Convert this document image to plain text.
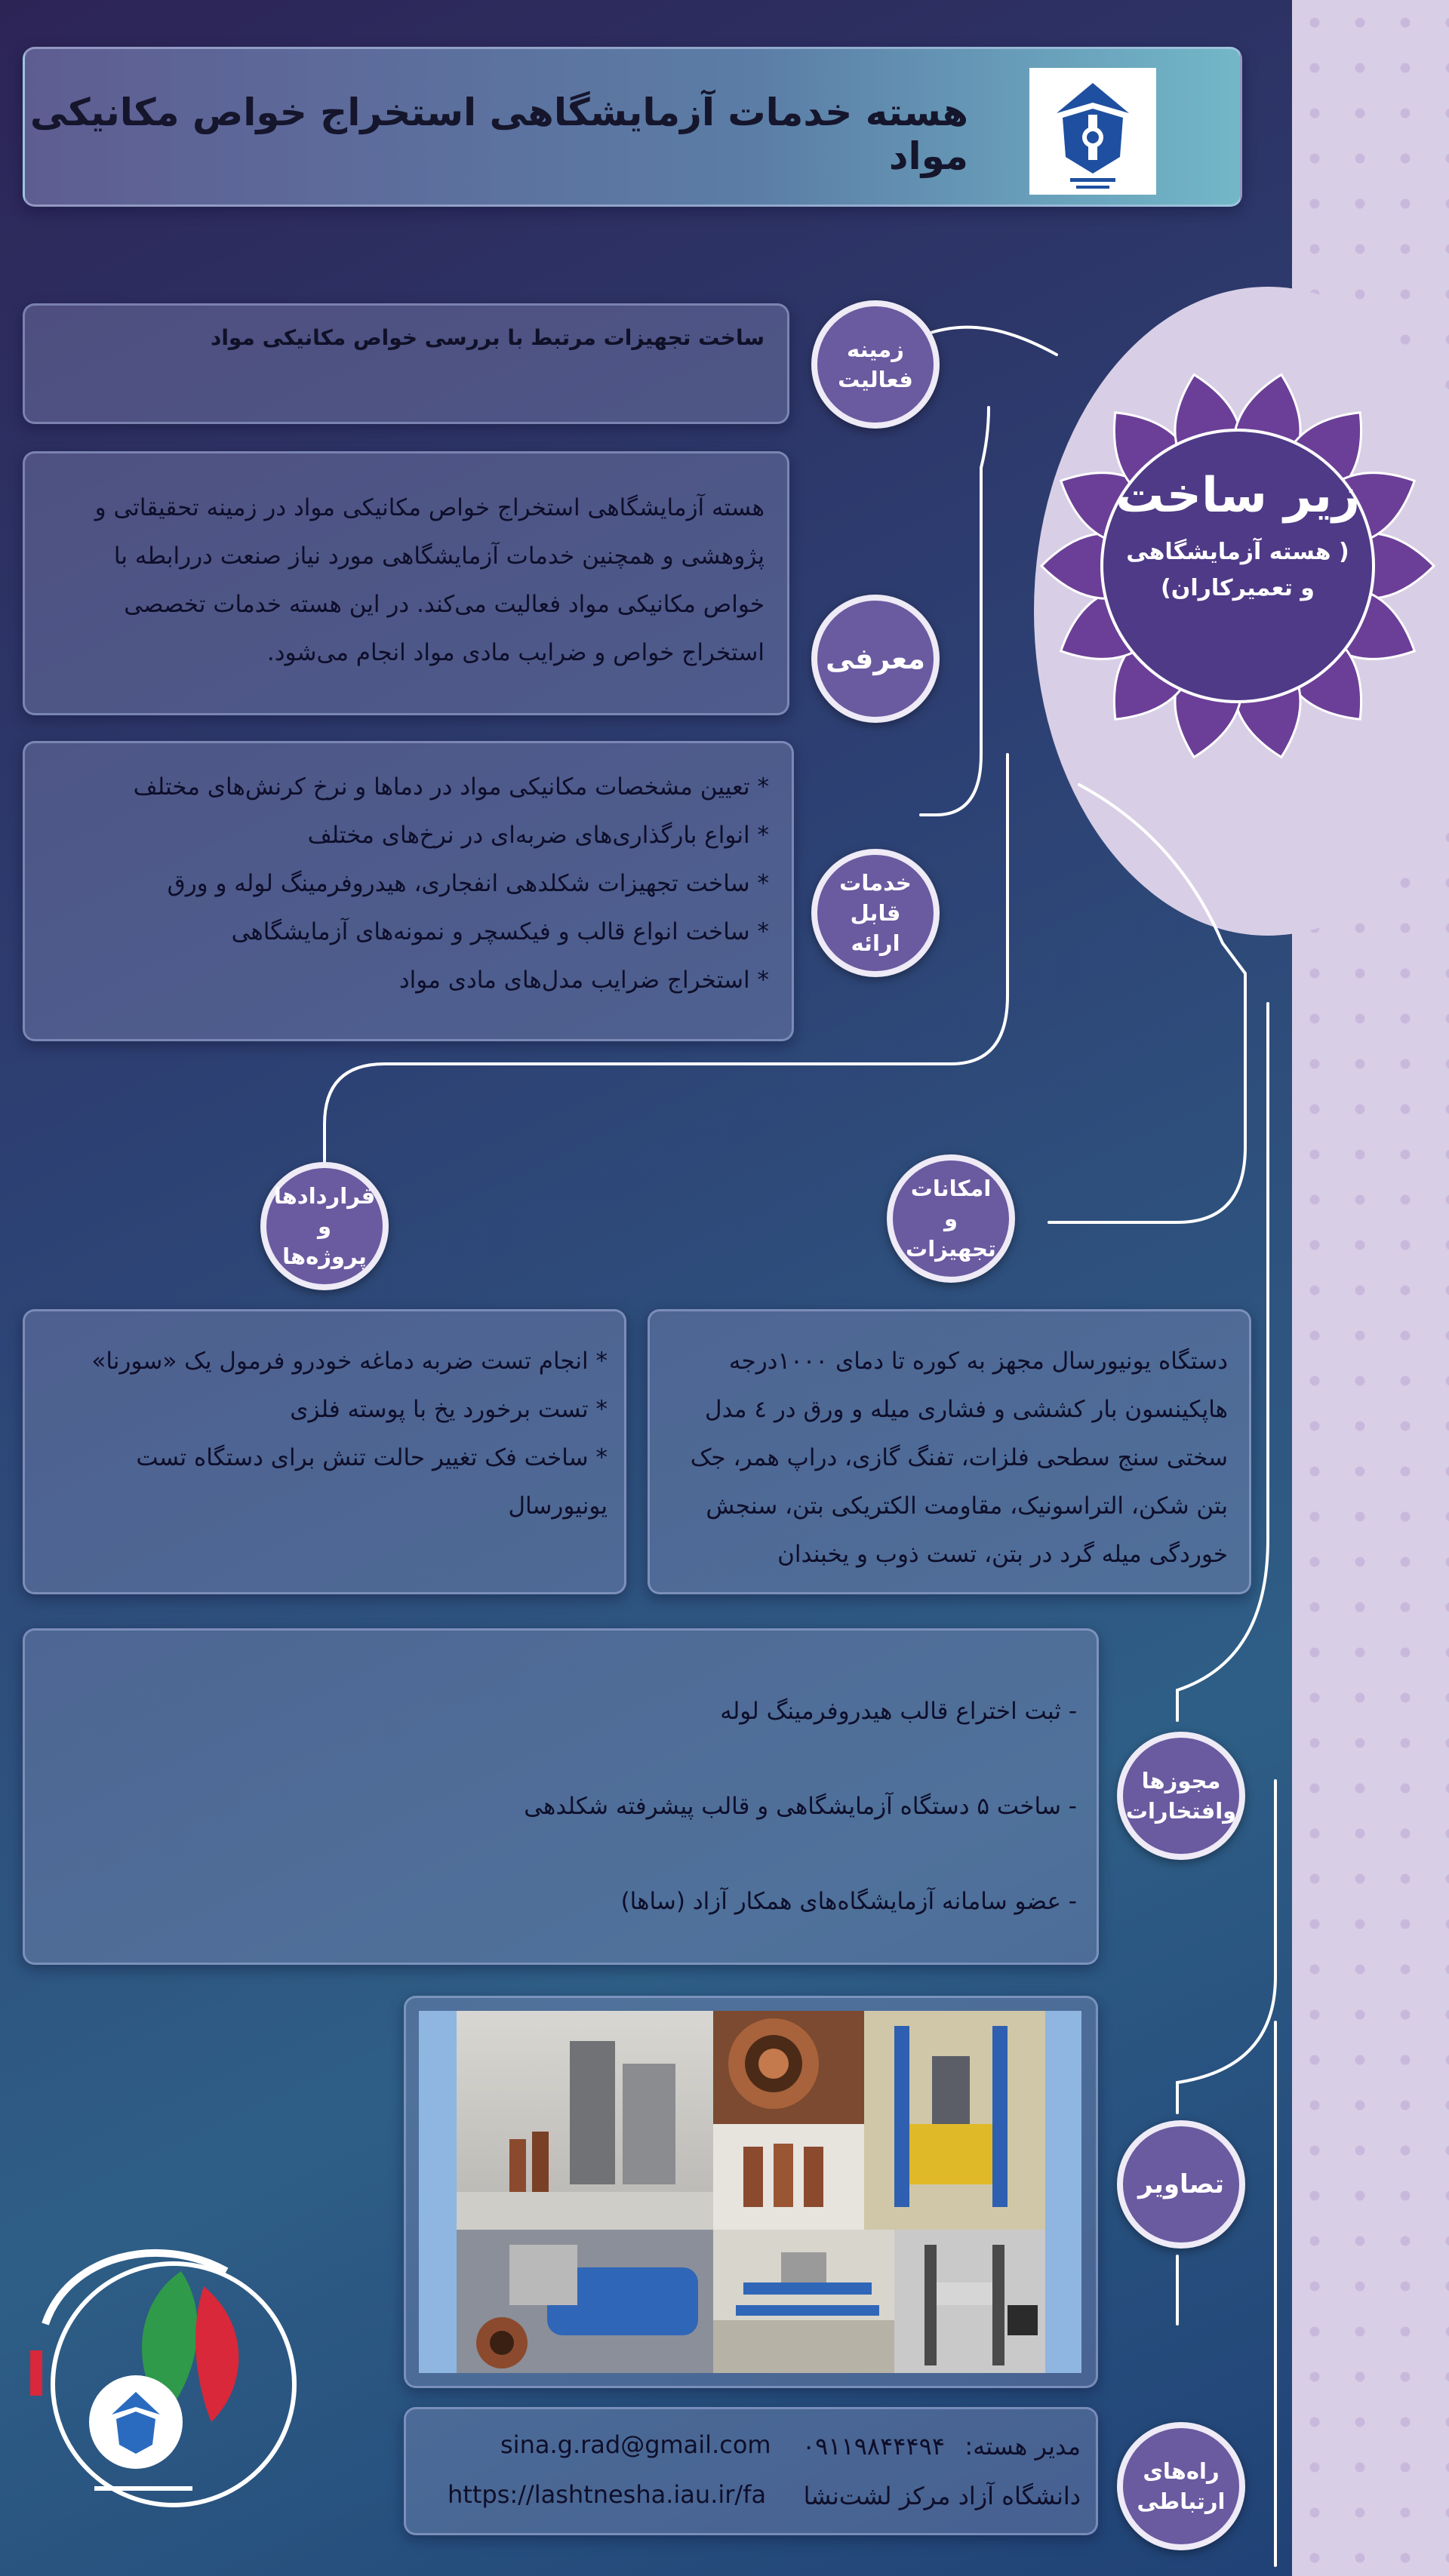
هسته خدمات آزمایشگاهی استخراج خواص مکانیکی مواد
زیر ساخت
( هسته آزمایشگاهی
و تعمیرکاران)
ساخت تجهیزات مرتبط با بررسی خواص مکانیکی مواد	زمینه
فعالیت

هسته آزمایشگاهی استخراج خواص مکانیکی مواد در زمینه تحقیقاتی و

پژوهشی و همچنین خدمات آزمایشگاهی مورد نیاز صنعت دررابطه با

خواص مکانیکی مواد فعالیت می‌کند. در این هسته خدمات تخصصی

استخراج خواص و ضرایب مادی مواد انجام می‌شود. معرفی

* تعیین مشخصات مکانیکی مواد در دماها و نرخ کرنش‌های مختلف

* انواع بارگذاری‌های ضربه‌ای در نرخ‌های مختلف

* ساخت تجهیزات شکلدهی انفجاری، هیدروفرمینگ لوله و ورق

* ساخت انواع قالب و فیکسچر و نمونه‌های آزمایشگاهی

* استخراج ضرایب مدل‌های مادی مواد

خدمات
قابل ارائه
قراردادها و
پروژه‌ها
امکانات و
تجهیزات

* انجام تست ضربه دماغه خودرو فرمول یک «سورنا»

* تست برخورد یخ با پوسته فلزی

* ساخت فک تغییر حالت تنش برای دستگاه تست

یونیورسال

دستگاه یونیورسال مجهز به کوره تا دمای ۱۰۰۰درجه

هاپکینسون بار کششی و فشاری میله و ورق در ٤ مدل

سختی سنج سطحی فلزات، تفنگ گازی، دراپ همر، جک

بتن شکن، التراسونیک، مقاومت الکتریکی بتن، سنجش

خوردگی میله گرد در بتن، تست ذوب و یخبندان

- ثبت اختراع قالب هیدروفرمینگ لوله

- ساخت ۵ دستگاه آزمایشگاهی و قالب پیشرفته شکلدهی

- عضو سامانه آزمایشگاه‌های همکار آزاد (ساها)

مجوزها
وافتخارات
تصاویر
مدیر هسته:
۰۹۱۱۹۸۴۴۴۹۴
دانشگاه آزاد مرکز لشت‌نشا
sina.g.rad@gmail.com
https://lashtnesha.iau.ir/fa
راه‌های
ارتباطی
